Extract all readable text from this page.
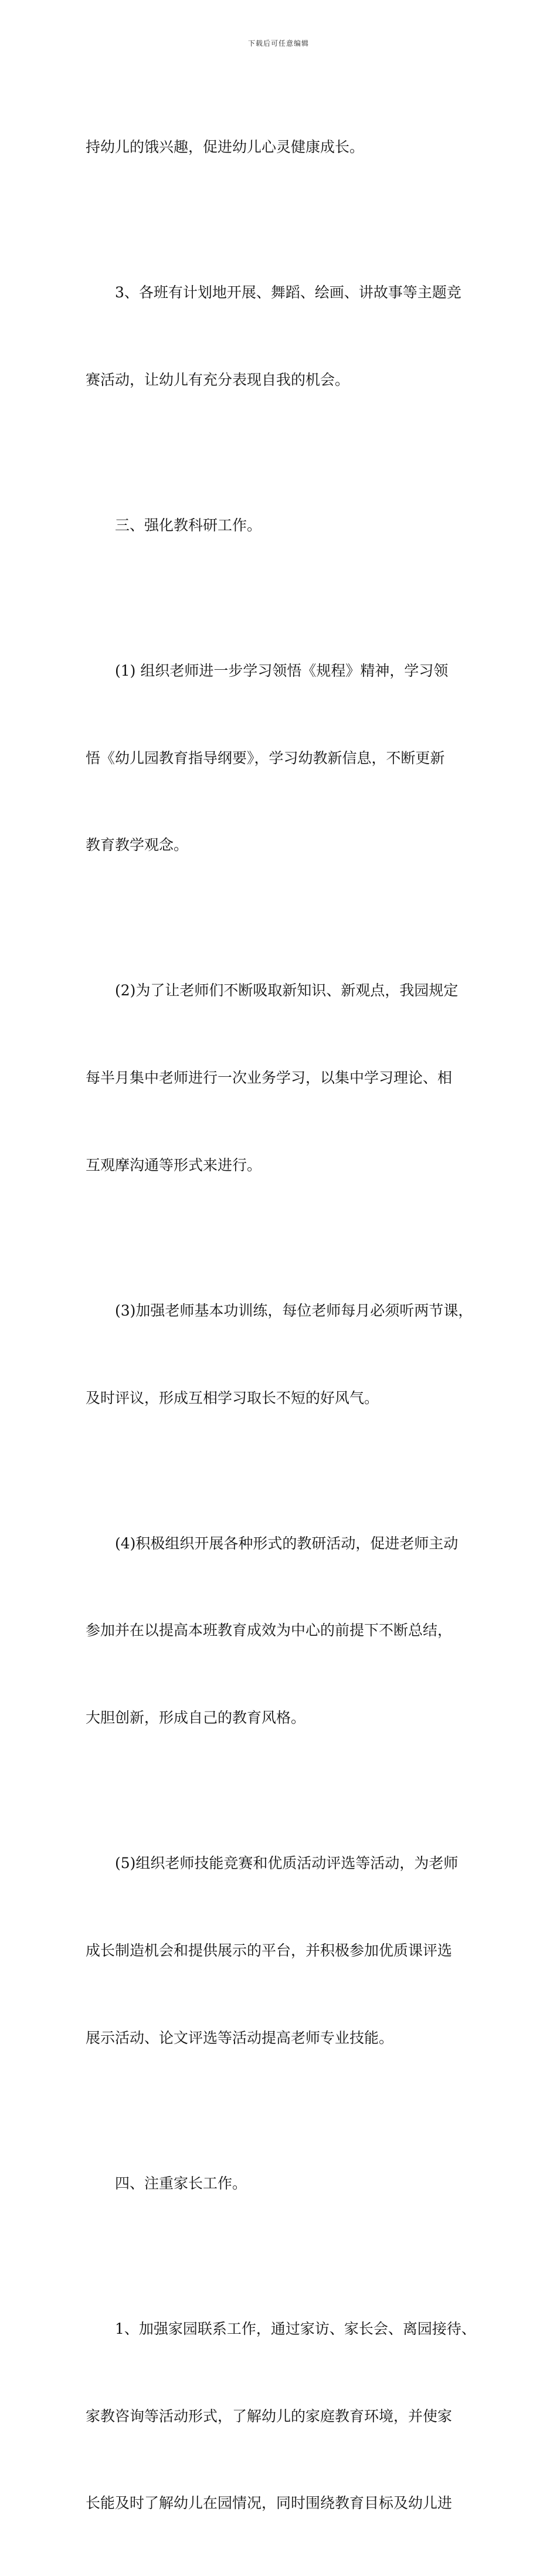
下载后可任意编辑

持幼儿的饿兴趣，促进幼儿心灵健康成长。

3、各班有计划地开展、舞蹈、绘画、讲故事等主题竞

赛活动，让幼儿有充分表现自我的机会。

三、强化教科研工作。

(1) 组织老师进一步学习领悟《规程》精神，学习领

悟《幼儿园教育指导纲要》，学习幼教新信息，不断更新

教育教学观念。

(2)为了让老师们不断吸取新知识、新观点，我园规定

每半月集中老师进行一次业务学习，以集中学习理论、相

互观摩沟通等形式来进行。

(3)加强老师基本功训练，每位老师每月必须听两节课，

及时评议，形成互相学习取长不短的好风气。

(4)积极组织开展各种形式的教研活动，促进老师主动

参加并在以提高本班教育成效为中心的前提下不断总结，

大胆创新，形成自己的教育风格。

(5)组织老师技能竞赛和优质活动评选等活动，为老师

成长制造机会和提供展示的平台，并积极参加优质课评选

展示活动、论文评选等活动提高老师专业技能。

四、注重家长工作。

1、加强家园联系工作，通过家访、家长会、离园接待、

家教咨询等活动形式，了解幼儿的家庭教育环境，并使家

长能及时了解幼儿在园情况，同时围绕教育目标及幼儿进
